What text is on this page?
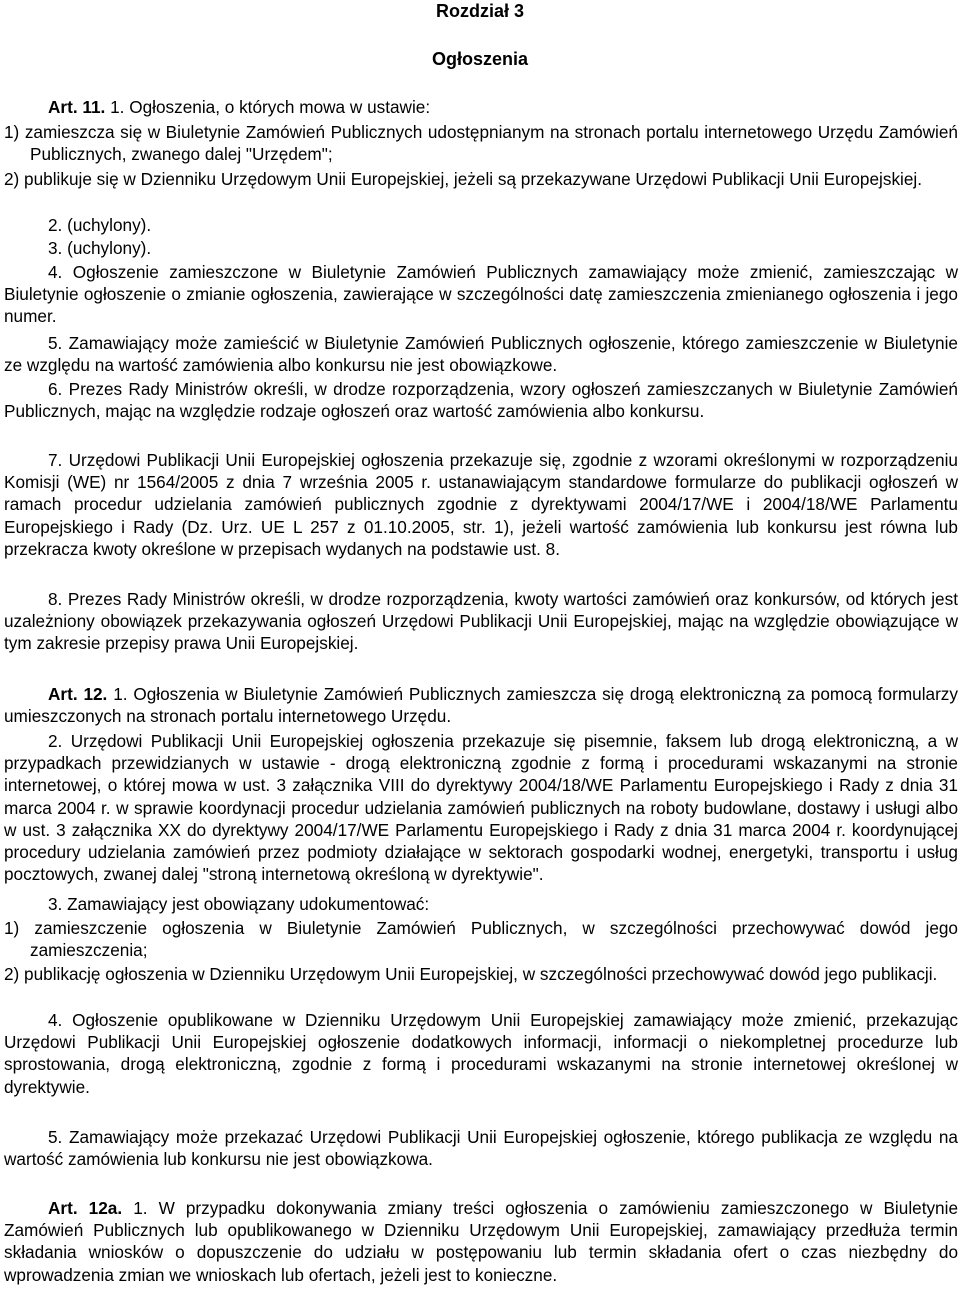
Rozdział 3
Ogłoszenia
Art. 11. 1. Ogłoszenia, o których mowa w ustawie:
1) zamieszcza się w Biuletynie Zamówień Publicznych udostępnianym na stronach portalu internetowego Urzędu Zamówień Publicznych, zwanego dalej "Urzędem";
2) publikuje się w Dzienniku Urzędowym Unii Europejskiej, jeżeli są przekazywane Urzędowi Publikacji Unii Europejskiej.
2. (uchylony).
3. (uchylony).
4. Ogłoszenie zamieszczone w Biuletynie Zamówień Publicznych zamawiający może zmienić, zamieszczając w Biuletynie ogłoszenie o zmianie ogłoszenia, zawierające w szczególności datę zamieszczenia zmienianego ogłoszenia i jego numer.
5. Zamawiający może zamieścić w Biuletynie Zamówień Publicznych ogłoszenie, którego zamieszczenie w Biuletynie ze względu na wartość zamówienia albo konkursu nie jest obowiązkowe.
6. Prezes Rady Ministrów określi, w drodze rozporządzenia, wzory ogłoszeń zamieszczanych w Biuletynie Zamówień Publicznych, mając na względzie rodzaje ogłoszeń oraz wartość zamówienia albo konkursu.
7. Urzędowi Publikacji Unii Europejskiej ogłoszenia przekazuje się, zgodnie z wzorami określonymi w rozporządzeniu Komisji (WE) nr 1564/2005 z dnia 7 września 2005 r. ustanawiającym standardowe formularze do publikacji ogłoszeń w ramach procedur udzielania zamówień publicznych zgodnie z dyrektywami 2004/17/WE i 2004/18/WE Parlamentu Europejskiego i Rady (Dz. Urz. UE L 257 z 01.10.2005, str. 1), jeżeli wartość zamówienia lub konkursu jest równa lub przekracza kwoty określone w przepisach wydanych na podstawie ust. 8.
8. Prezes Rady Ministrów określi, w drodze rozporządzenia, kwoty wartości zamówień oraz konkursów, od których jest uzależniony obowiązek przekazywania ogłoszeń Urzędowi Publikacji Unii Europejskiej, mając na względzie obowiązujące w tym zakresie przepisy prawa Unii Europejskiej.
Art. 12. 1. Ogłoszenia w Biuletynie Zamówień Publicznych zamieszcza się drogą elektroniczną za pomocą formularzy umieszczonych na stronach portalu internetowego Urzędu.
2. Urzędowi Publikacji Unii Europejskiej ogłoszenia przekazuje się pisemnie, faksem lub drogą elektroniczną, a w przypadkach przewidzianych w ustawie - drogą elektroniczną zgodnie z formą i procedurami wskazanymi na stronie internetowej, o której mowa w ust. 3 załącznika VIII do dyrektywy 2004/18/WE Parlamentu Europejskiego i Rady z dnia 31 marca 2004 r. w sprawie koordynacji procedur udzielania zamówień publicznych na roboty budowlane, dostawy i usługi albo w ust. 3 załącznika XX do dyrektywy 2004/17/WE Parlamentu Europejskiego i Rady z dnia 31 marca 2004 r. koordynującej procedury udzielania zamówień przez podmioty działające w sektorach gospodarki wodnej, energetyki, transportu i usług pocztowych, zwanej dalej "stroną internetową określoną w dyrektywie".
3. Zamawiający jest obowiązany udokumentować:
1) zamieszczenie ogłoszenia w Biuletynie Zamówień Publicznych, w szczególności przechowywać dowód jego zamieszczenia;
2) publikację ogłoszenia w Dzienniku Urzędowym Unii Europejskiej, w szczególności przechowywać dowód jego publikacji.
4. Ogłoszenie opublikowane w Dzienniku Urzędowym Unii Europejskiej zamawiający może zmienić, przekazując Urzędowi Publikacji Unii Europejskiej ogłoszenie dodatkowych informacji, informacji o niekompletnej procedurze lub sprostowania, drogą elektroniczną, zgodnie z formą i procedurami wskazanymi na stronie internetowej określonej w dyrektywie.
5. Zamawiający może przekazać Urzędowi Publikacji Unii Europejskiej ogłoszenie, którego publikacja ze względu na wartość zamówienia lub konkursu nie jest obowiązkowa.
Art. 12a. 1. W przypadku dokonywania zmiany treści ogłoszenia o zamówieniu zamieszczonego w Biuletynie Zamówień Publicznych lub opublikowanego w Dzienniku Urzędowym Unii Europejskiej, zamawiający przedłuża termin składania wniosków o dopuszczenie do udziału w postępowaniu lub termin składania ofert o czas niezbędny do wprowadzenia zmian we wnioskach lub ofertach, jeżeli jest to konieczne.
